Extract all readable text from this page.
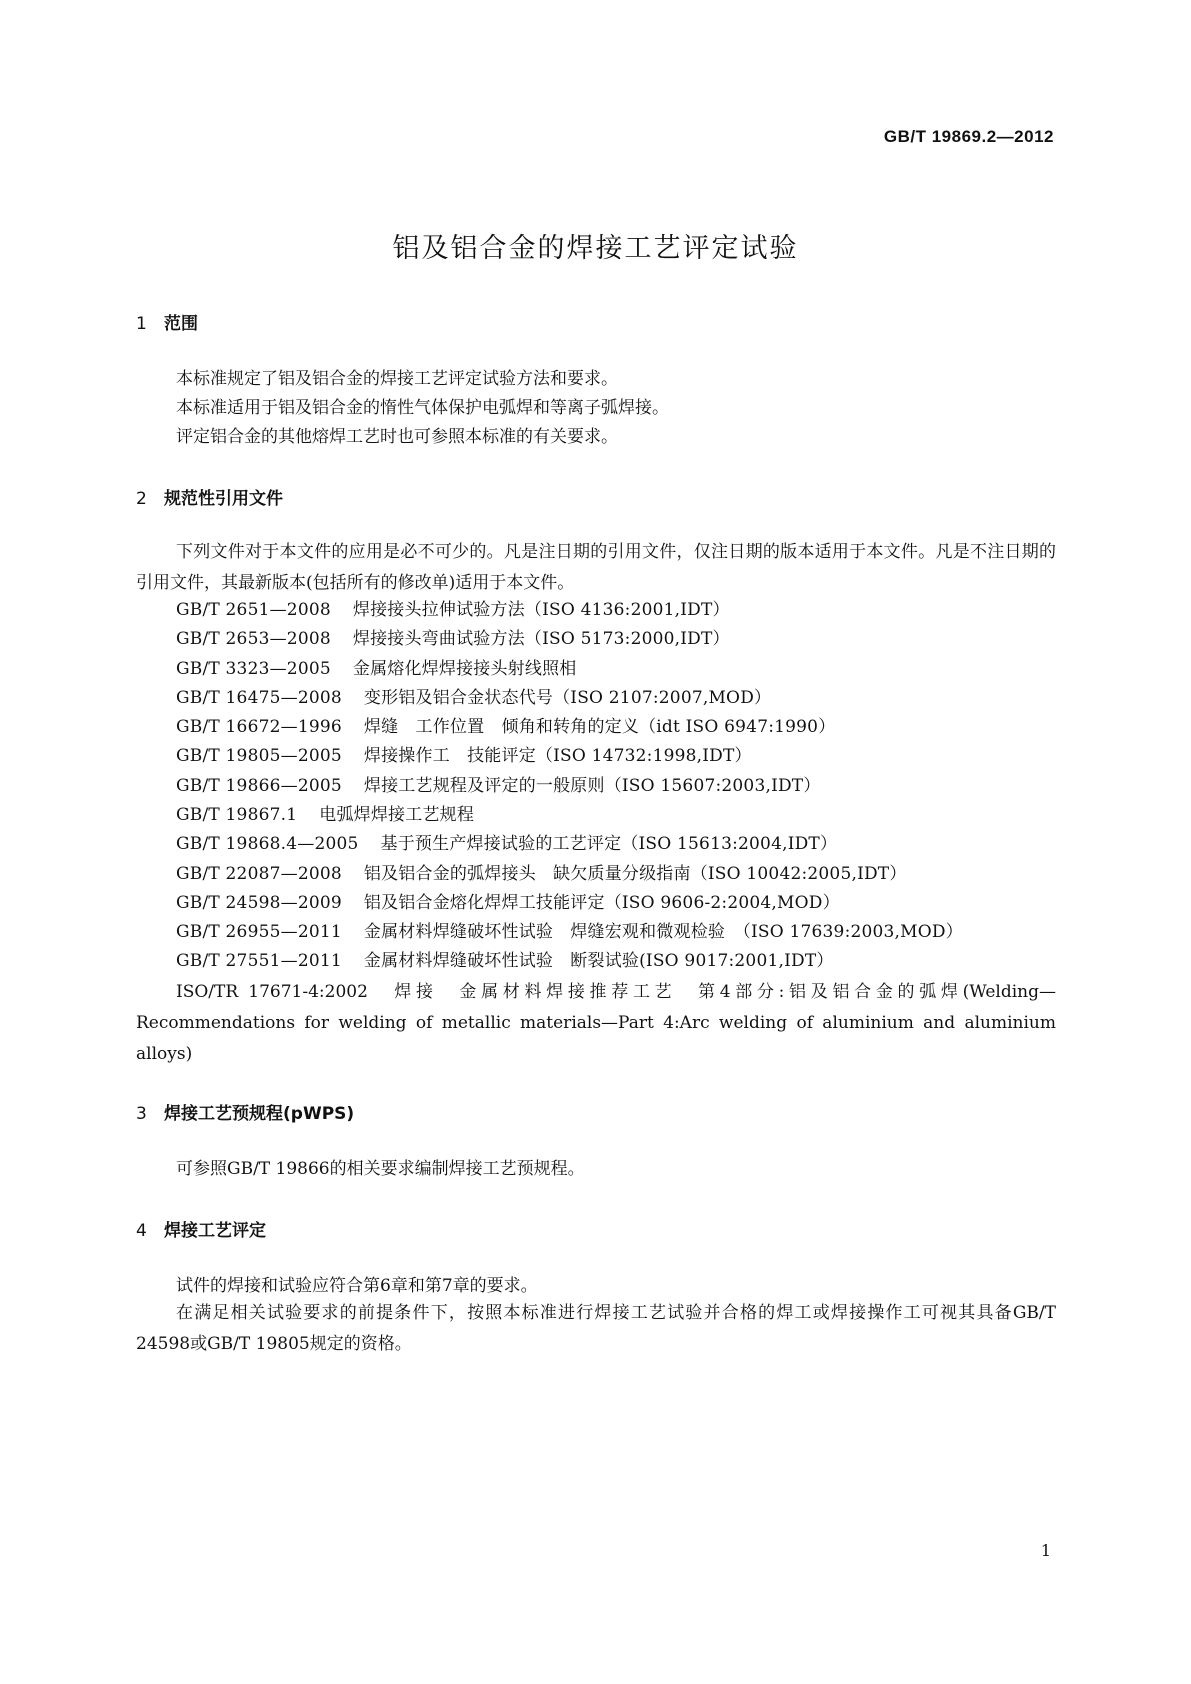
GB/T 19869.2—2012
铝及铝合金的焊接工艺评定试验
1 范围
本标准规定了铝及铝合金的焊接工艺评定试验方法和要求。
本标准适用于铝及铝合金的惰性气体保护电弧焊和等离子弧焊接。
评定铝合金的其他熔焊工艺时也可参照本标准的有关要求。
2 规范性引用文件
下列文件对于本文件的应用是必不可少的。凡是注日期的引用文件，仅注日期的版本适用于本文件。凡是不注日期的引用文件，其最新版本(包括所有的修改单)适用于本文件。
GB/T 2651—2008 焊接接头拉伸试验方法（ISO 4136:2001,IDT）
GB/T 2653—2008 焊接接头弯曲试验方法（ISO 5173:2000,IDT）
GB/T 3323—2005 金属熔化焊焊接接头射线照相
GB/T 16475—2008 变形铝及铝合金状态代号（ISO 2107:2007,MOD）
GB/T 16672—1996 焊缝　工作位置　倾角和转角的定义（idt ISO 6947:1990）
GB/T 19805—2005 焊接操作工　技能评定（ISO 14732:1998,IDT）
GB/T 19866—2005 焊接工艺规程及评定的一般原则（ISO 15607:2003,IDT）
GB/T 19867.1 电弧焊焊接工艺规程
GB/T 19868.4—2005 基于预生产焊接试验的工艺评定（ISO 15613:2004,IDT）
GB/T 22087—2008 铝及铝合金的弧焊接头　缺欠质量分级指南（ISO 10042:2005,IDT）
GB/T 24598—2009 铝及铝合金熔化焊焊工技能评定（ISO 9606-2:2004,MOD）
GB/T 26955—2011 金属材料焊缝破坏性试验　焊缝宏观和微观检验　（ISO 17639:2003,MOD）
GB/T 27551—2011 金属材料焊缝破坏性试验　断裂试验(ISO 9017:2001,IDT）
ISO/TR 17671-4:2002　焊接　金属材料焊接推荐工艺　第4部分:铝及铝合金的弧焊(Welding—Recommendations for welding of metallic materials—Part 4:Arc welding of aluminium and aluminium alloys)
3 焊接工艺预规程(pWPS)
可参照GB/T 19866的相关要求编制焊接工艺预规程。
4 焊接工艺评定
试件的焊接和试验应符合第6章和第7章的要求。
在满足相关试验要求的前提条件下，按照本标准进行焊接工艺试验并合格的焊工或焊接操作工可视其具备GB/T 24598或GB/T 19805规定的资格。
1
